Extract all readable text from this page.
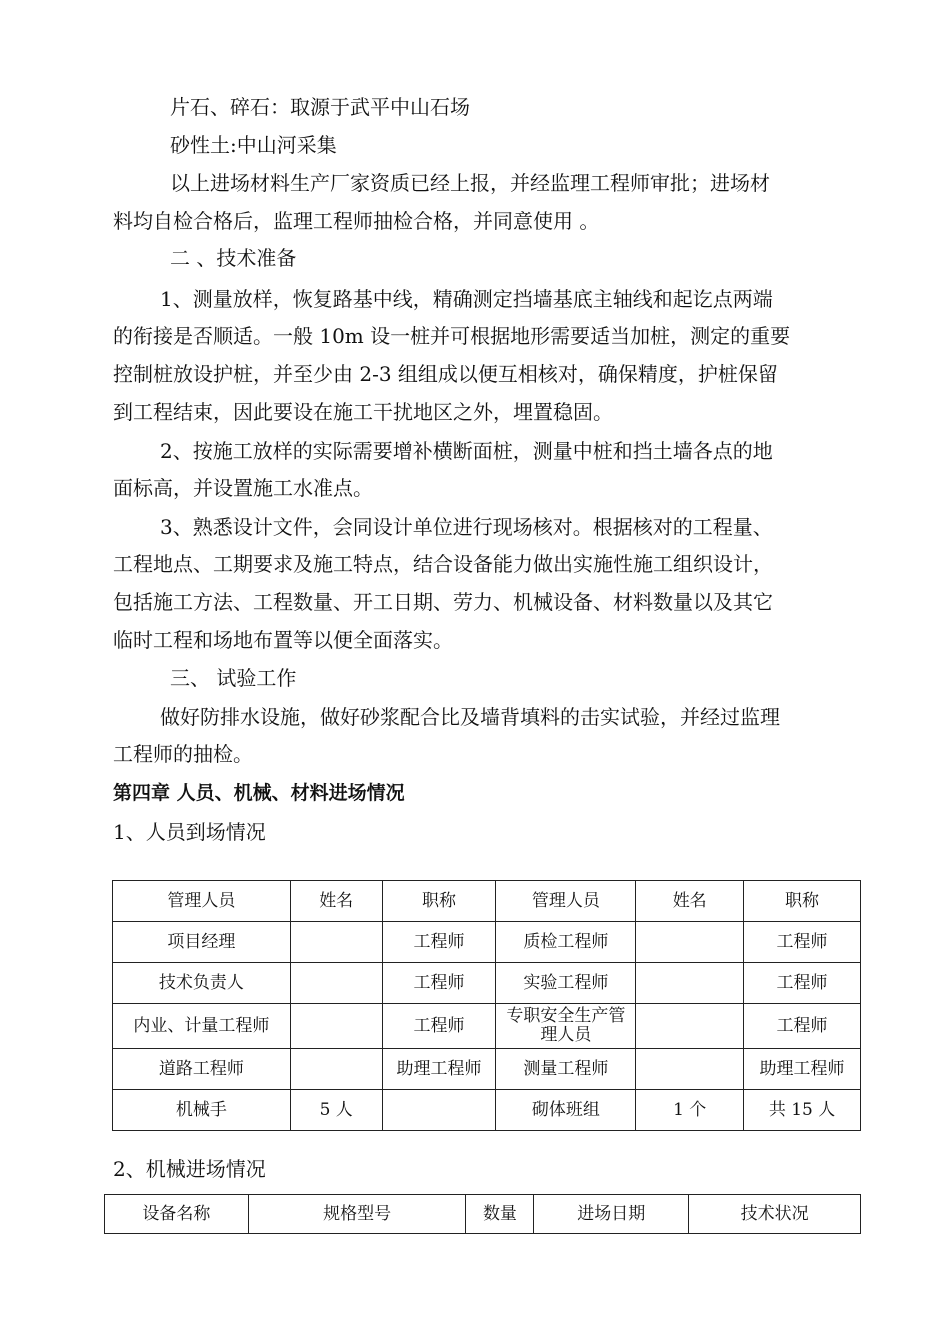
片石、碎石：取源于武平中山石场
砂性土:中山河采集
以上进场材料生产厂家资质已经上报，并经监理工程师审批；进场材
料均自检合格后，监理工程师抽检合格，并同意使用 。
二 、技术准备
1、测量放样，恢复路基中线，精确测定挡墙基底主轴线和起讫点两端
的衔接是否顺适。一般 10m 设一桩并可根据地形需要适当加桩，测定的重要
控制桩放设护桩，并至少由 2-3 组组成以便互相核对，确保精度，护桩保留
到工程结束，因此要设在施工干扰地区之外，埋置稳固。
2、按施工放样的实际需要增补横断面桩，测量中桩和挡土墙各点的地
面标高，并设置施工水准点。
3、熟悉设计文件，会同设计单位进行现场核对。根据核对的工程量、
工程地点、工期要求及施工特点，结合设备能力做出实施性施工组织设计，
包括施工方法、工程数量、开工日期、劳力、机械设备、材料数量以及其它
临时工程和场地布置等以便全面落实。
三、 试验工作
做好防排水设施，做好砂浆配合比及墙背填料的击实试验，并经过监理
工程师的抽检。
第四章 人员、机械、材料进场情况
1、人员到场情况
管理人员	姓名	职称	管理人员	姓名	职称
项目经理		工程师	质检工程师		工程师
技术负责人		工程师	实验工程师		工程师
内业、计量工程师		工程师	专职安全生产管理人员		工程师
道路工程师		助理工程师	测量工程师		助理工程师
机械手	5 人		砌体班组	1 个	共 15 人
2、机械进场情况
设备名称	规格型号	数量	进场日期	技术状况
